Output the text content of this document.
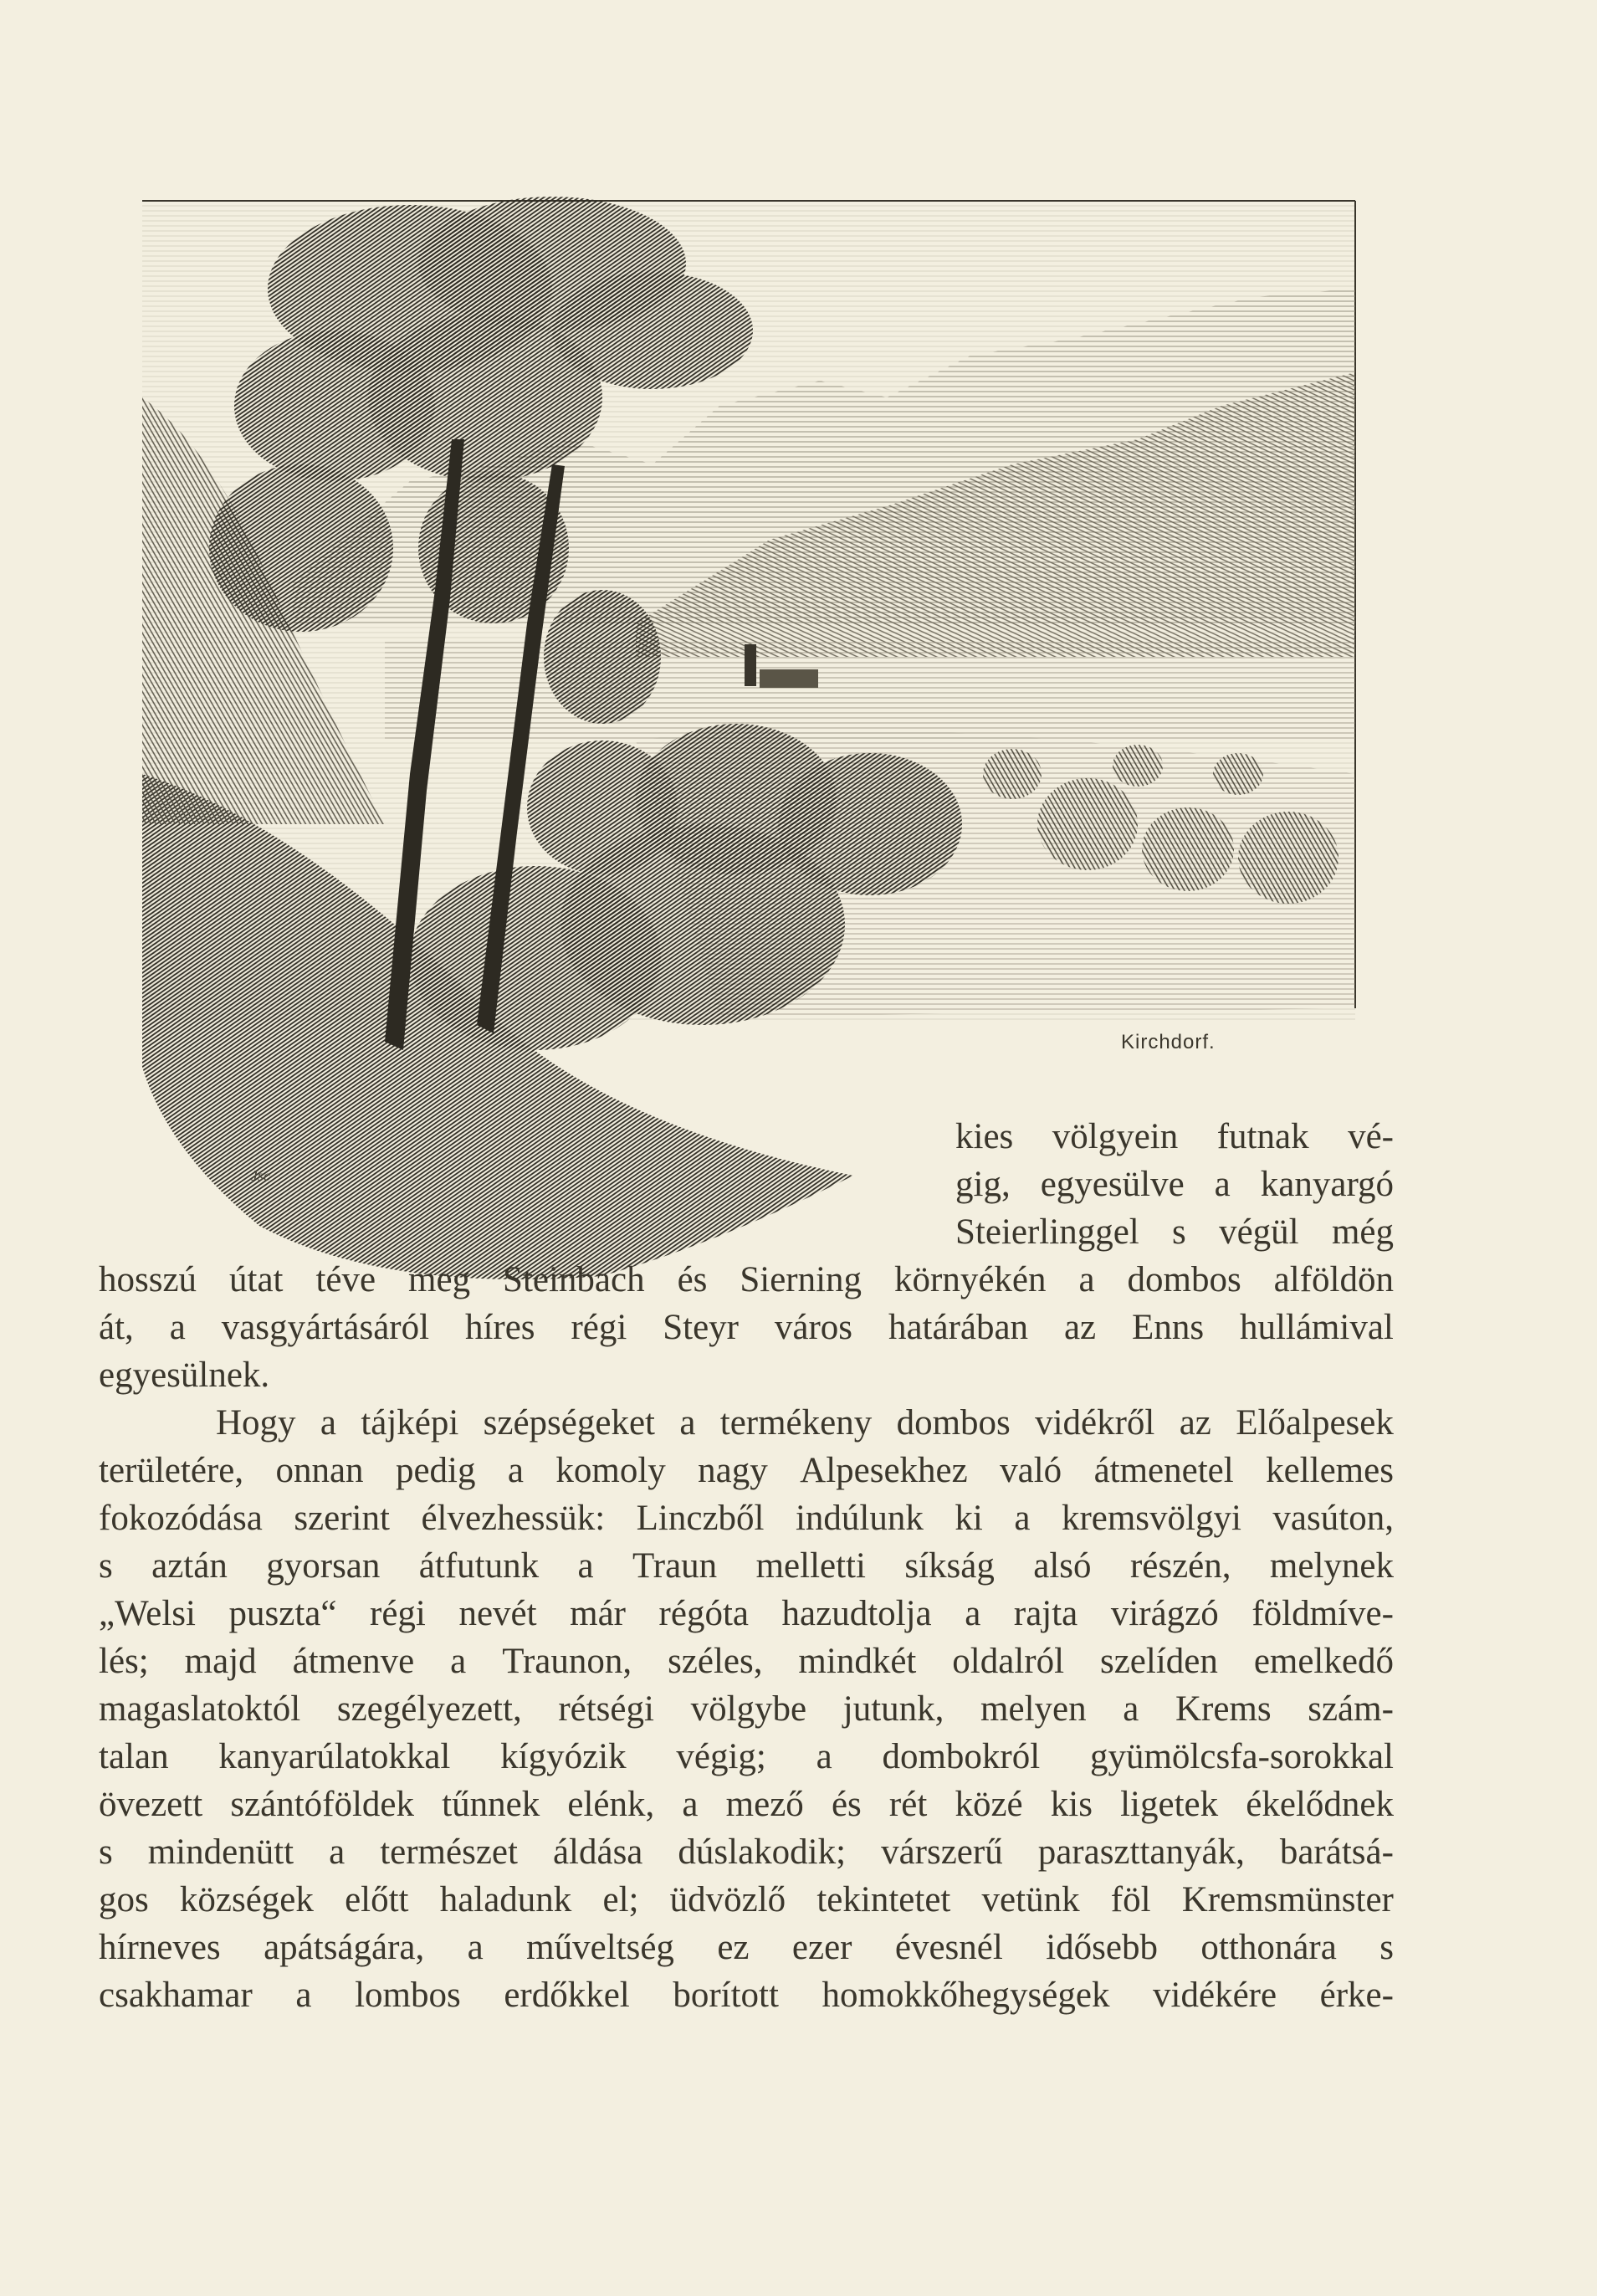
Kirchdorf.
Jsc
kies völgyein futnak vé-
gig, egyesülve a kanyargó
Steierlinggel s végül még
hosszú útat téve meg Steinbach és Sierning környékén a dombos alföldön
át, a vasgyártásáról híres régi Steyr város határában az Enns hullámival
egyesülnek.
Hogy a tájképi szépségeket a termékeny dombos vidékről az Előalpesek
területére, onnan pedig a komoly nagy Alpesekhez való átmenetel kellemes
fokozódása szerint élvezhessük: Linczből indúlunk ki a kremsvölgyi vasúton,
s aztán gyorsan átfutunk a Traun melletti síkság alsó részén, melynek
„Welsi puszta“ régi nevét már régóta hazudtolja a rajta virágzó földmíve-
lés; majd átmenve a Traunon, széles, mindkét oldalról szelíden emelkedő
magaslatoktól szegélyezett, rétségi völgybe jutunk, melyen a Krems szám-
talan kanyarúlatokkal kígyózik végig; a dombokról gyümölcsfa-sorokkal
övezett szántóföldek tűnnek elénk, a mező és rét közé kis ligetek ékelődnek
s mindenütt a természet áldása dúslakodik; várszerű paraszttanyák, barátsá-
gos községek előtt haladunk el; üdvözlő tekintetet vetünk föl Kremsmünster
hírneves apátságára, a műveltség ez ezer évesnél idősebb otthonára s
csakhamar a lombos erdőkkel borított homokkőhegységek vidékére érke-
